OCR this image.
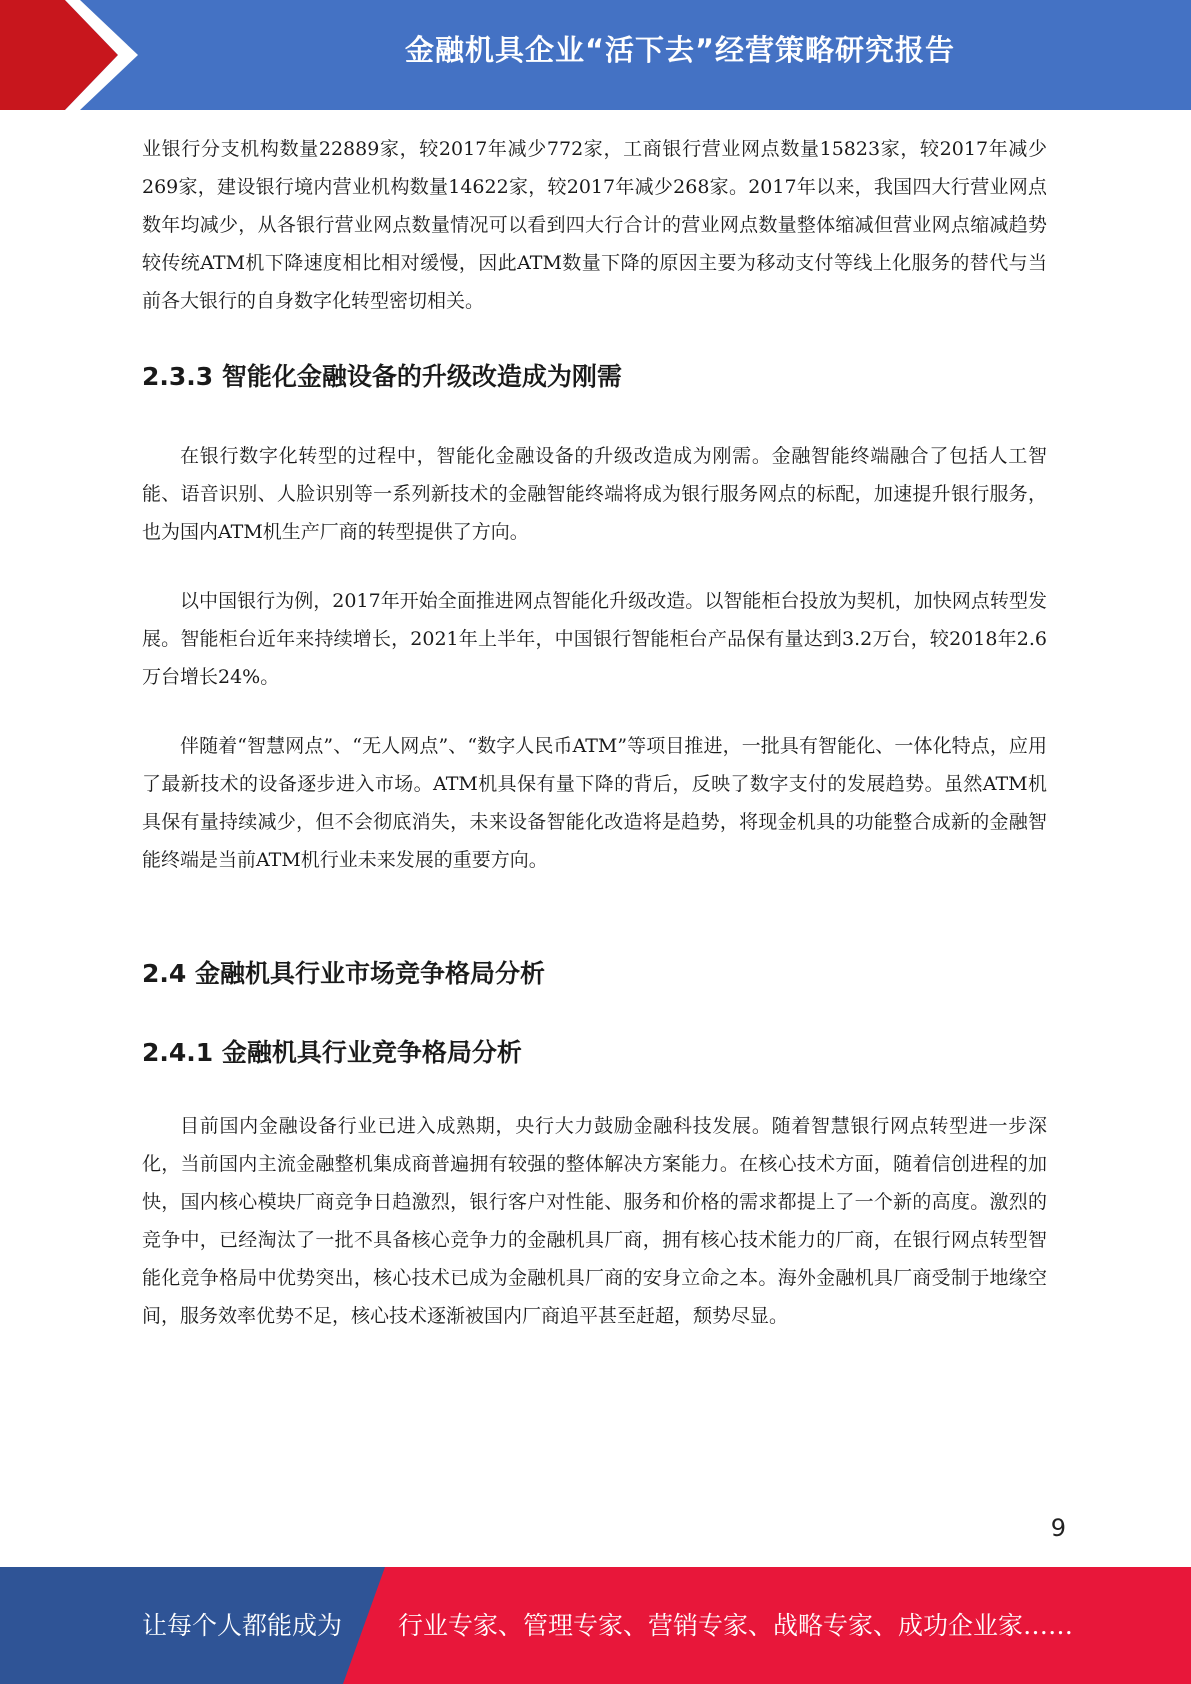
金融机具企业“活下去”经营策略研究报告

业银行分支机构数量22889家，较2017年减少772家，工商银行营业网点数量15823家，较2017年减少269家，建设银行境内营业机构数量14622家，较2017年减少268家。2017年以来，我国四大行营业网点数年均减少，从各银行营业网点数量情况可以看到四大行合计的营业网点数量整体缩减但营业网点缩减趋势较传统ATM机下降速度相比相对缓慢，因此ATM数量下降的原因主要为移动支付等线上化服务的替代与当前各大银行的自身数字化转型密切相关。

2.3.3 智能化金融设备的升级改造成为刚需

在银行数字化转型的过程中，智能化金融设备的升级改造成为刚需。金融智能终端融合了包括人工智能、语音识别、人脸识别等一系列新技术的金融智能终端将成为银行服务网点的标配，加速提升银行服务，也为国内ATM机生产厂商的转型提供了方向。

以中国银行为例，2017年开始全面推进网点智能化升级改造。以智能柜台投放为契机，加快网点转型发展。智能柜台近年来持续增长，2021年上半年，中国银行智能柜台产品保有量达到3.2万台，较2018年2.6万台增长24%。

伴随着“智慧网点”、“无人网点”、“数字人民币ATM”等项目推进，一批具有智能化、一体化特点，应用了最新技术的设备逐步进入市场。ATM机具保有量下降的背后，反映了数字支付的发展趋势。虽然ATM机具保有量持续减少，但不会彻底消失，未来设备智能化改造将是趋势，将现金机具的功能整合成新的金融智能终端是当前ATM机行业未来发展的重要方向。

2.4 金融机具行业市场竞争格局分析
2.4.1 金融机具行业竞争格局分析

目前国内金融设备行业已进入成熟期，央行大力鼓励金融科技发展。随着智慧银行网点转型进一步深化，当前国内主流金融整机集成商普遍拥有较强的整体解决方案能力。在核心技术方面，随着信创进程的加快，国内核心模块厂商竞争日趋激烈，银行客户对性能、服务和价格的需求都提上了一个新的高度。激烈的竞争中，已经淘汰了一批不具备核心竞争力的金融机具厂商，拥有核心技术能力的厂商，在银行网点转型智能化竞争格局中优势突出，核心技术已成为金融机具厂商的安身立命之本。海外金融机具厂商受制于地缘空间，服务效率优势不足，核心技术逐渐被国内厂商追平甚至赶超，颓势尽显。

9
让每个人都能成为 行业专家、管理专家、营销专家、战略专家、成功企业家……
